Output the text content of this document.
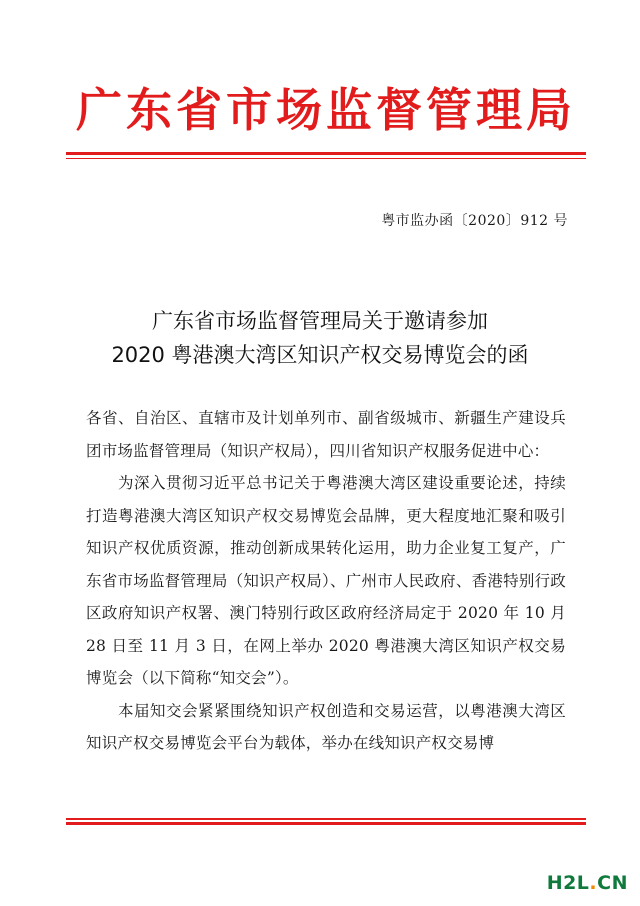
广东省市场监督管理局
粤市监办函〔2020〕912 号
广东省市场监督管理局关于邀请参加
2020 粤港澳大湾区知识产权交易博览会的函

各省、自治区、直辖市及计划单列市、副省级城市、新疆生产建设兵团市场监督管理局（知识产权局），四川省知识产权服务促进中心：

为深入贯彻习近平总书记关于粤港澳大湾区建设重要论述，持续打造粤港澳大湾区知识产权交易博览会品牌，更大程度地汇聚和吸引知识产权优质资源，推动创新成果转化运用，助力企业复工复产，广东省市场监督管理局（知识产权局）、广州市人民政府、香港特别行政区政府知识产权署、澳门特别行政区政府经济局定于 2020 年 10 月 28 日至 11 月 3 日，在网上举办 2020 粤港澳大湾区知识产权交易博览会（以下简称“知交会”）。

本届知交会紧紧围绕知识产权创造和交易运营，以粤港澳大湾区知识产权交易博览会平台为载体，举办在线知识产权交易博

H2L.CN
